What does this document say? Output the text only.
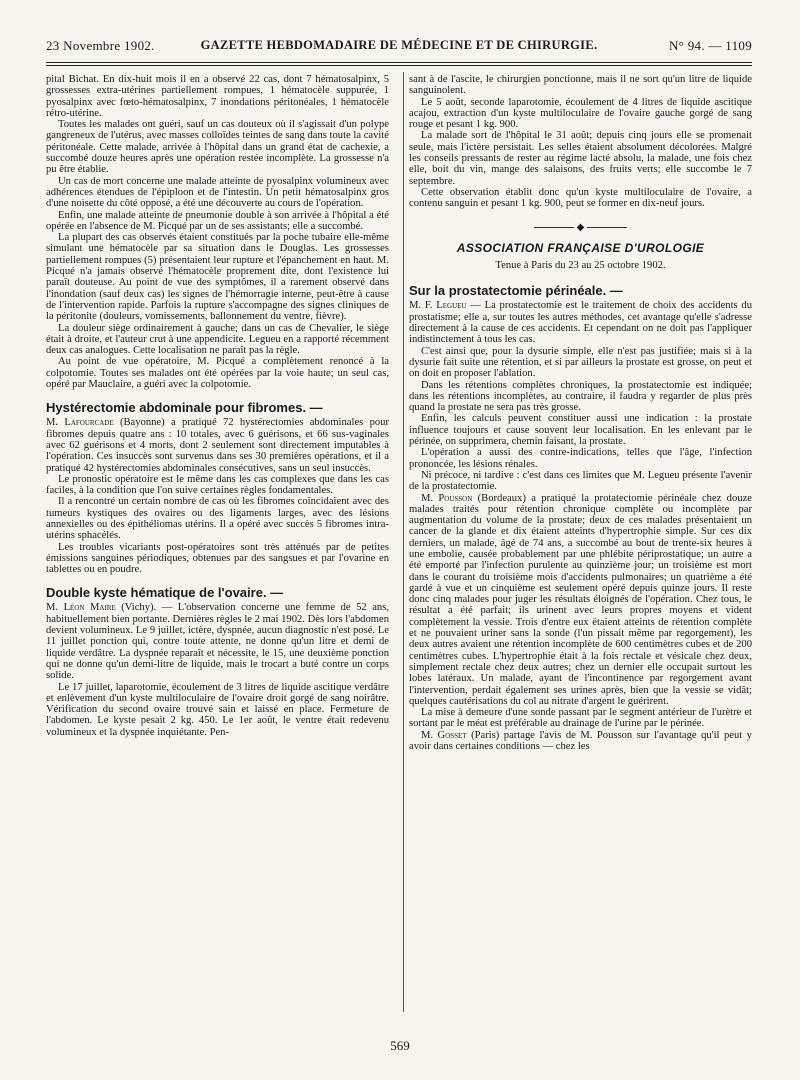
23 Novembre 1902.	GAZETTE HEBDOMADAIRE DE MÉDECINE ET DE CHIRURGIE.	N° 94. — 1109

pital Bichat. En dix-huit mois il en a observé 22 cas, dont 7 hématosalpinx, 5 grossesses extra-utérines partiellement rompues, 1 hématocèle suppurée, 1 pyosalpinx avec fœto-hématosalpinx, 7 inondations péritonéales, 1 hématocèle rétro-utérine.

Toutes les malades ont guéri, sauf un cas douteux où il s'agissait d'un polype gangreneux de l'utérus, avec masses colloïdes teintes de sang dans toute la cavité péritonéale. Cette malade, arrivée à l'hôpital dans un grand état de cachexie, a succombé douze heures après une opération restée incomplète. La grossesse n'a pu être établie.

Un cas de mort concerne une malade atteinte de pyosalpinx volumineux avec adhérences étendues de l'épiploon et de l'intestin. Un petit hématosalpinx gros d'une noisette du côté opposé, a été une découverte au cours de l'opération.

Enfin, une malade atteinte de pneumonie double à son arrivée à l'hôpital a été opérée en l'absence de M. Picqué par un de ses assistants; elle a succombé.

La plupart des cas observés étaient constitués par la poche tubaire elle-même simulant une hématocèle par sa situation dans le Douglas. Les grossesses partiellement rompues (5) présentaient leur rupture et l'épanchement en haut. M. Picqué n'a jamais observé l'hématocèle proprement dite, dont l'existence lui paraît douteuse. Au point de vue des symptômes, il a rarement observé dans l'inondation (sauf deux cas) les signes de l'hémorragie interne, peut-être à cause de l'intervention rapide. Parfois la rupture s'accompagne des signes cliniques de la péritonite (douleurs, vomissements, ballonnement du ventre, fièvre).

La douleur siège ordinairement à gauche; dans un cas de Chevalier, le siège était à droite, et l'auteur crut à une appendicite. Legueu en a rapporté récemment deux cas analogues. Cette localisation ne paraît pas la règle.

Au point de vue opératoire, M. Picqué a complètement renoncé à la colpotomie. Toutes ses malades ont été opérées par la voie haute; un seul cas, opéré par Mauclaire, a guéri avec la colpotomie.

Hystérectomie abdominale pour fibromes. —

M. Lafourcade (Bayonne) a pratiqué 72 hystérectomies abdominales pour fibromes depuis quatre ans : 10 totales, avec 6 guérisons, et 66 sus-vaginales avec 62 guérisons et 4 morts, dont 2 seulement sont directement imputables à l'opération. Ces insuccès sont survenus dans ses 30 premières opérations, et il a pratiqué 42 hystérectomies abdominales consécutives, sans un seul insuccès.

Le pronostic opératoire est le même dans les cas complexes que dans les cas faciles, à la condition que l'on suive certaines règles fondamentales.

Il a rencontré un certain nombre de cas où les fibromes coïncidaient avec des tumeurs kystiques des ovaires ou des ligaments larges, avec des lésions annexielles ou des épithéliomas utérins. Il a opéré avec succès 5 fibromes intra-utérins sphacélés.

Les troubles vicariants post-opératoires sont très atténués par de petites émissions sanguines périodiques, obtenues par des sangsues et par l'ovarine en tablettes ou en poudre.

Double kyste hématique de l'ovaire. —

M. Léon Maire (Vichy). — L'observation concerne une femme de 52 ans, habituellement bien portante. Dernières règles le 2 mai 1902. Dès lors l'abdomen devient volumineux. Le 9 juillet, ictère, dyspnée, aucun diagnostic n'est posé. Le 11 juillet ponction qui, contre toute attente, ne donne qu'un litre et demi de liquide verdâtre. La dyspnée reparaît et nécessite, le 15, une deuxième ponction qui ne donne qu'un demi-litre de liquide, mais le trocart a buté contre un corps solide.

Le 17 juillet, laparotomie, écoulement de 3 litres de liquide ascitique verdâtre et enlèvement d'un kyste multiloculaire de l'ovaire droit gorgé de sang noirâtre. Vérification du second ovaire trouvé sain et laissé en place. Fermeture de l'abdomen. Le kyste pesait 2 kg. 450. Le 1er août, le ventre était redevenu volumineux et la dyspnée inquiétante. Pen-

sant à de l'ascite, le chirurgien ponctionne, mais il ne sort qu'un litre de liquide sanguinolent.

Le 5 août, seconde laparotomie, écoulement de 4 litres de liquide ascitique acajou, extraction d'un kyste multiloculaire de l'ovaire gauche gorgé de sang rouge et pesant 1 kg. 900.

La malade sort de l'hôpital le 31 août; depuis cinq jours elle se promenait seule, mais l'ictère persistait. Les selles étaient absolument décolorées. Malgré les conseils pressants de rester au régime lacté absolu, la malade, une fois chez elle, boit du vin, mange des salaisons, des fruits verts; elle succombe le 7 septembre.

Cette observation établit donc qu'un kyste multiloculaire de l'ovaire, a contenu sanguin et pesant 1 kg. 900, peut se former en dix-neuf jours.

◆
ASSOCIATION FRANÇAISE D'UROLOGIE
Tenue à Paris du 23 au 25 octobre 1902.
Sur la prostatectomie périnéale. —

M. F. Legueu — La prostatectomie est le traitement de choix des accidents du prostatisme; elle a, sur toutes les autres méthodes, cet avantage qu'elle s'adresse directement à la cause de ces accidents. Et cependant on ne doit pas l'appliquer indistinctement à tous les cas.

C'est ainsi que, pour la dysurie simple, elle n'est pas justifiée; mais si à la dysurie fait suite une rétention, et si par ailleurs la prostate est grosse, on peut et on doit en proposer l'ablation.

Dans les rétentions complètes chroniques, la prostatectomie est indiquée; dans les rétentions incomplètes, au contraire, il faudra y regarder de plus près quand la prostate ne sera pas très grosse.

Enfin, les calculs peuvent constituer aussi une indication : la prostate influence toujours et cause souvent leur localisation. En les enlevant par le périnée, on supprimera, chemin faisant, la prostate.

L'opération a aussi des contre-indications, telles que l'âge, l'infection prononcée, les lésions rénales.

Ni précoce, ni tardive : c'est dans ces limites que M. Legueu présente l'avenir de la prostatectomie.

M. Pousson (Bordeaux) a pratiqué la protatectomie périnéale chez douze malades traités pour rétention chronique complète ou incomplète par augmentation du volume de la prostate; deux de ces malades présentaient un cancer de la glande et dix étaient atteints d'hypertrophie simple. Sur ces dix derniers, un malade, âgé de 74 ans, a succombé au bout de trente-six heures à une embolie, causée probablement par une phlébite périprostatique; un autre a été emporté par l'infection purulente au quinzième jour; un troisième est mort dans le courant du troisième mois d'accidents pulmonaires; un quatrième a été gardé à vue et un cinquième est seulement opéré depuis quinze jours. Il reste donc cinq malades pour juger les résultats éloignés de l'opération. Chez tous, le résultat a été parfait; ils urinent avec leurs propres moyens et vident complètement la vessie. Trois d'entre eux étaient atteints de rétention complète et ne pouvaient uriner sans la sonde (l'un pissait même par regorgement), les deux autres avaient une rétention incomplète de 600 centimètres cubes et de 200 centimètres cubes. L'hypertrophie était à la fois rectale et vésicale chez deux, simplement rectale chez deux autres; chez un dernier elle occupait surtout les lobes latéraux. Un malade, ayant de l'incontinence par regorgement avant l'intervention, perdait également ses urines après, bien que la vessie se vidât; quelques cautérisations du col au nitrate d'argent le guérirent.

La mise à demeure d'une sonde passant par le segment antérieur de l'urètre et sortant par le méat est préférable au drainage de l'urine par le périnée.

M. Gosset (Paris) partage l'avis de M. Pousson sur l'avantage qu'il peut y avoir dans certaines conditions — chez les

569
